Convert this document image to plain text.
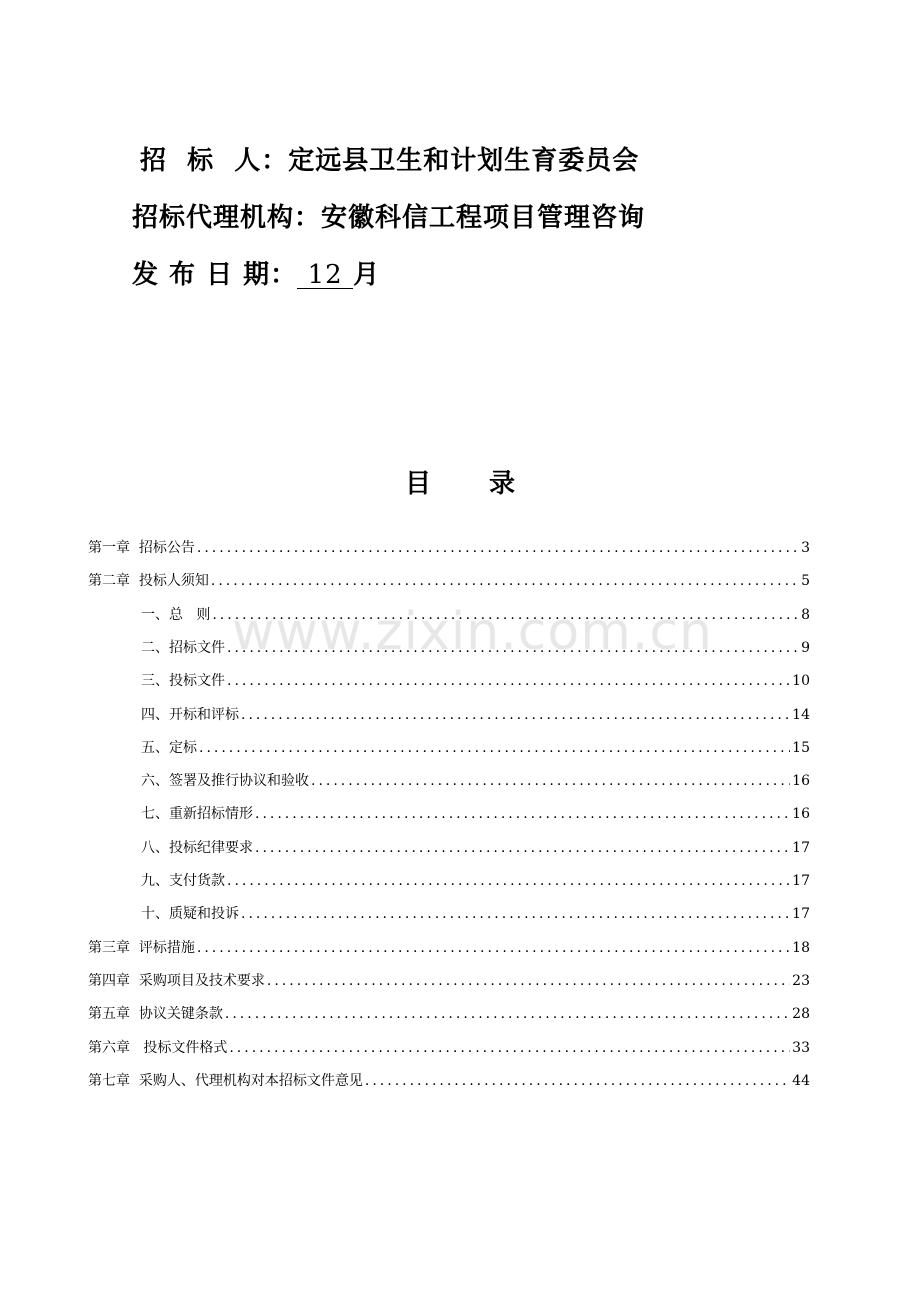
招  标  人：定远县卫生和计划生育委员会
招标代理机构：安徽科信工程项目管理咨询
发 布 日 期： 12 月
目录
第一章  招标公告 .....	3
第二章  投标人须知 .....	5
一、总   则 .....	8
二、招标文件 .....	9
三、投标文件 .....	10
四、开标和评标 .....	14
五、定标 .....	15
六、签署及推行协议和验收 .....	16
七、重新招标情形 .....	16
八、投标纪律要求 .....	17
九、支付货款 .....	17
十、质疑和投诉 .....	17
第三章  评标措施 .....	18
第四章  采购项目及技术要求 .....	23
第五章  协议关键条款 .....	28
第六章   投标文件格式 .....	33
第七章  采购人、代理机构对本招标文件意见 .....	44
www.zixin.com.cn
